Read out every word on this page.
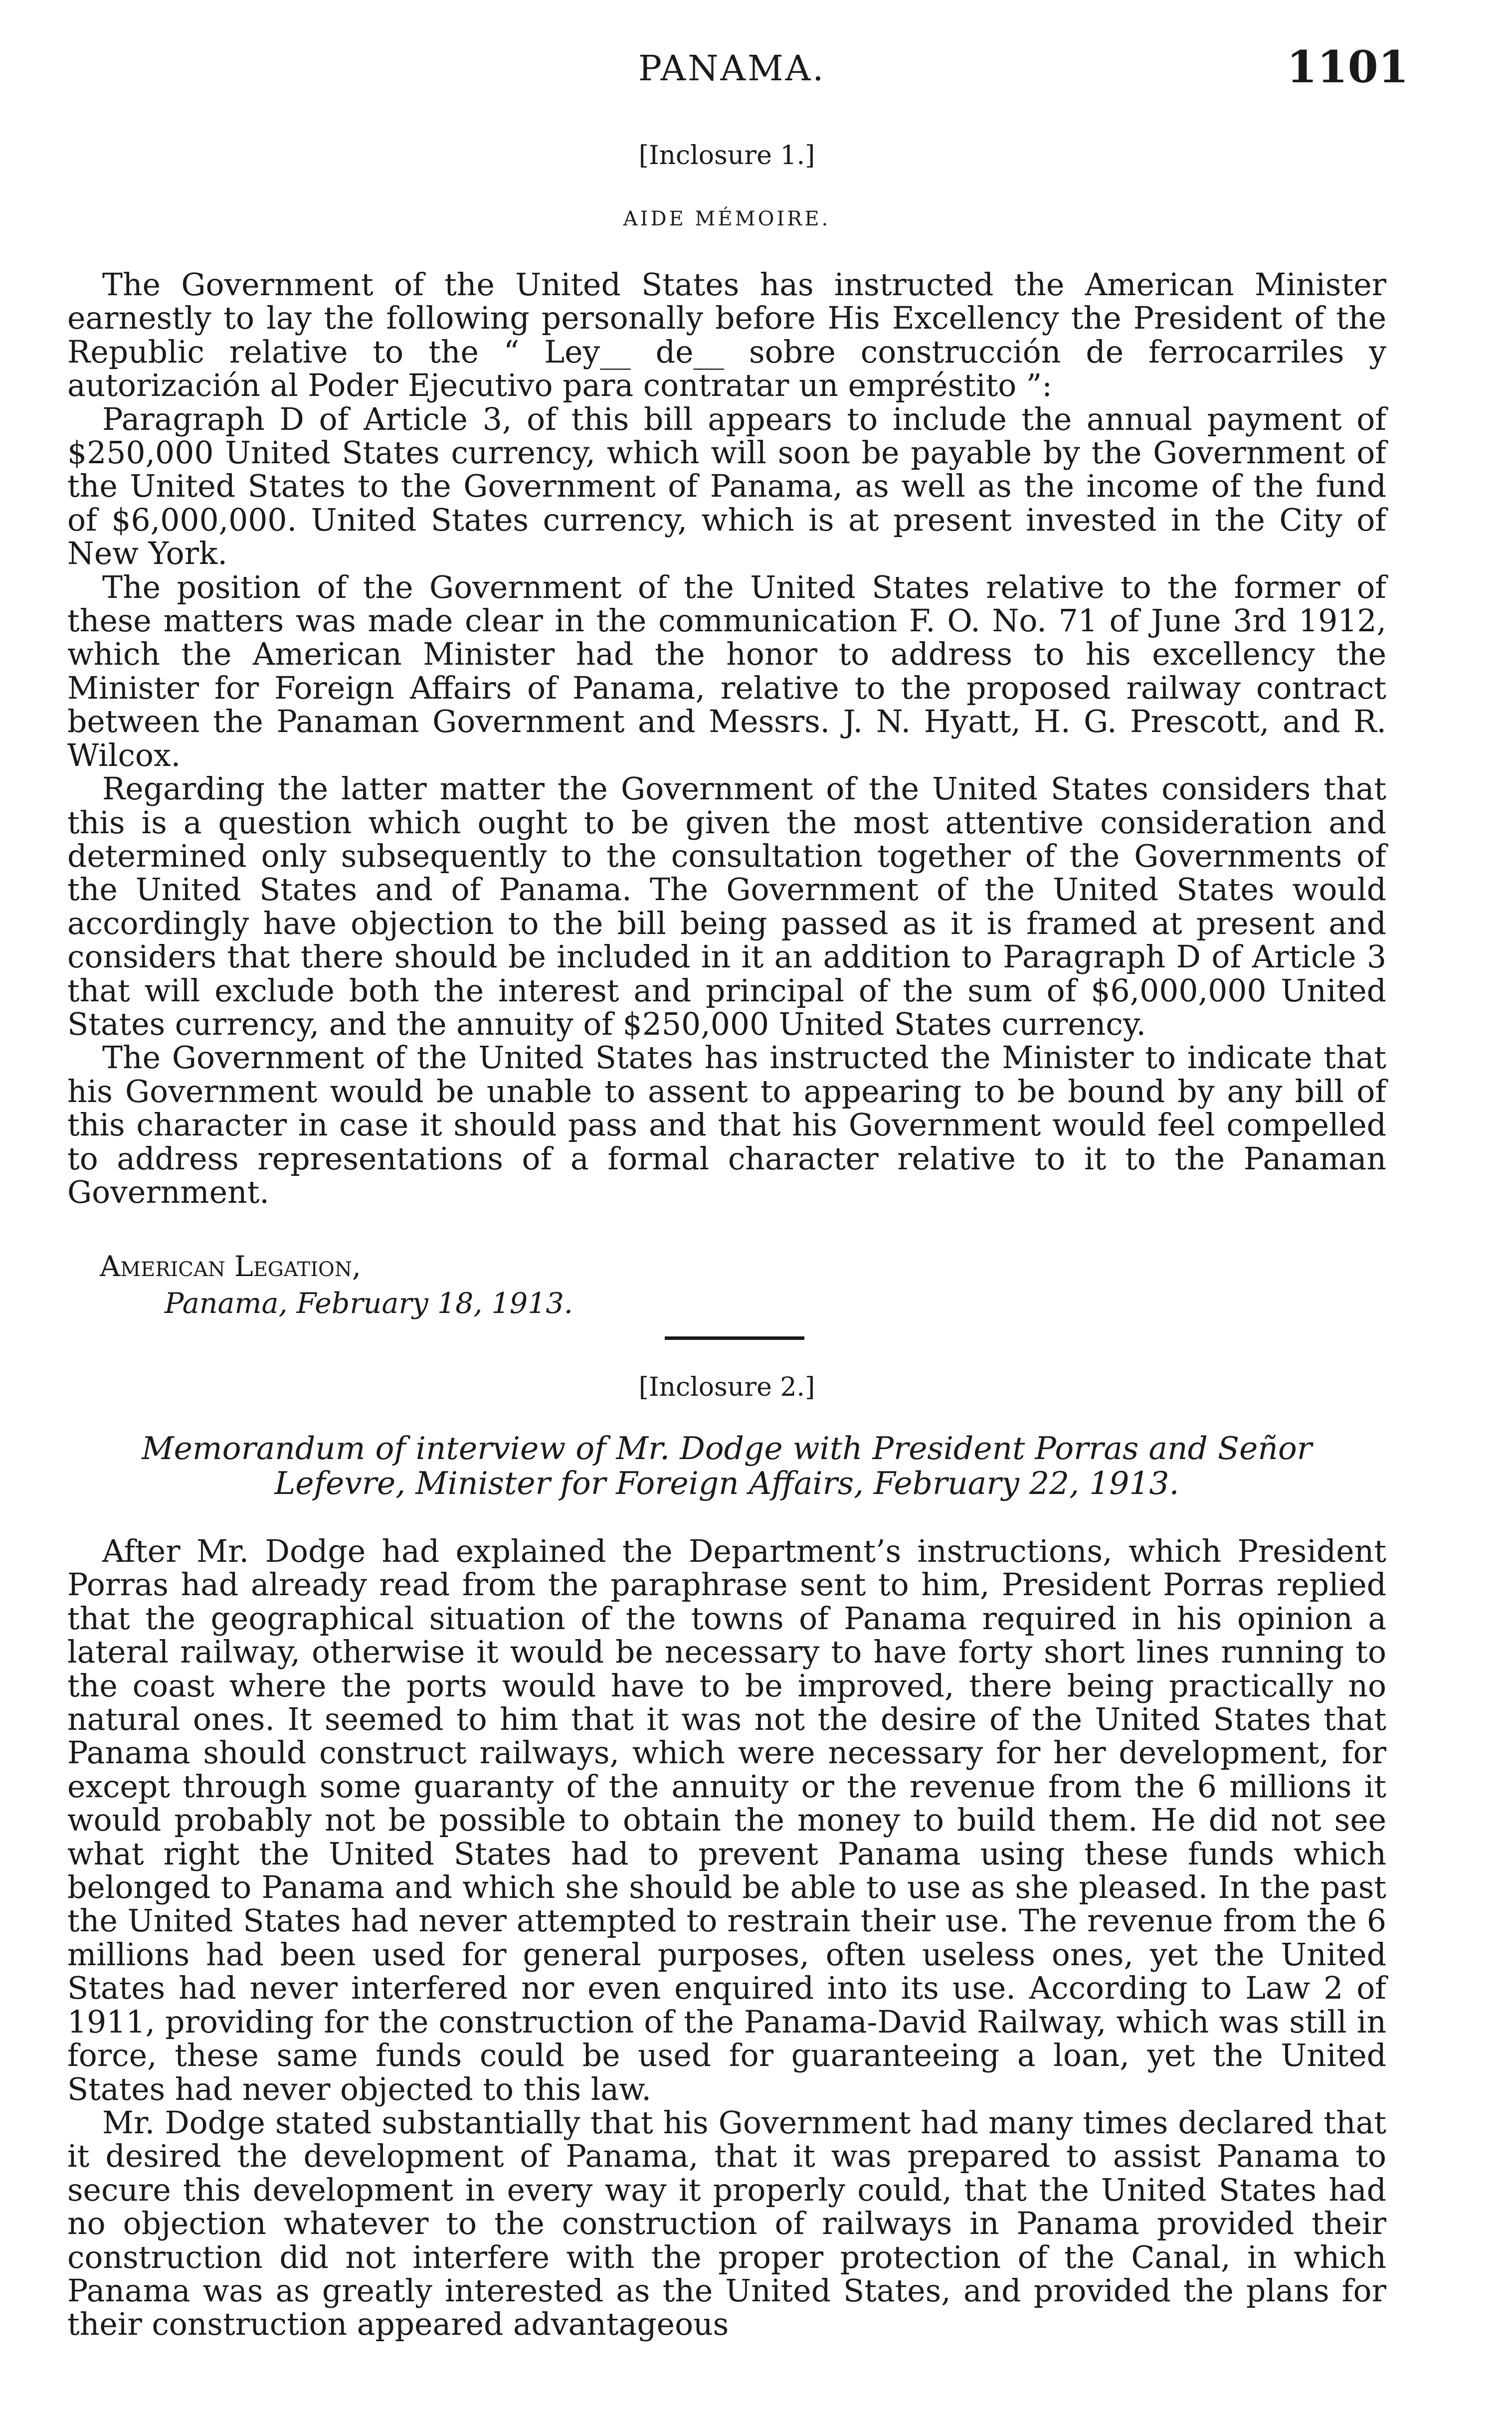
PANAMA.	1101
[Inclosure 1.]
AIDE MÉMOIRE.

The Government of the United States has instructed the American Minister earnestly to lay the following personally before His Excellency the President of the Republic relative to the “ Ley__ de__ sobre construcción de ferrocarriles y autorización al Poder Ejecutivo para contratar un empréstito ”:

Paragraph D of Article 3, of this bill appears to include the annual payment of $250,000 United States currency, which will soon be payable by the Government of the United States to the Government of Panama, as well as the income of the fund of $6,000,000. United States currency, which is at present invested in the City of New York.

The position of the Government of the United States relative to the former of these matters was made clear in the communication F. O. No. 71 of June 3rd 1912, which the American Minister had the honor to address to his excellency the Minister for Foreign Affairs of Panama, relative to the proposed railway contract between the Panaman Government and Messrs. J. N. Hyatt, H. G. Prescott, and R. Wilcox.

Regarding the latter matter the Government of the United States considers that this is a question which ought to be given the most attentive consideration and determined only subsequently to the consultation together of the Governments of the United States and of Panama. The Government of the United States would accordingly have objection to the bill being passed as it is framed at present and considers that there should be included in it an addition to Paragraph D of Article 3 that will exclude both the interest and principal of the sum of $6,000,000 United States currency, and the annuity of $250,000 United States currency.

The Government of the United States has instructed the Minister to indicate that his Government would be unable to assent to appearing to be bound by any bill of this character in case it should pass and that his Government would feel compelled to address representations of a formal character relative to it to the Panaman Government.

American Legation,
Panama, February 18, 1913.
[Inclosure 2.]
Memorandum of interview of Mr. Dodge with President Porras and Señor
Lefevre, Minister for Foreign Affairs, February 22, 1913.

After Mr. Dodge had explained the Department’s instructions, which President Porras had already read from the paraphrase sent to him, President Porras replied that the geographical situation of the towns of Panama required in his opinion a lateral railway, otherwise it would be necessary to have forty short lines running to the coast where the ports would have to be improved, there being practically no natural ones. It seemed to him that it was not the desire of the United States that Panama should construct railways, which were necessary for her development, for except through some guaranty of the annuity or the revenue from the 6 millions it would probably not be possible to obtain the money to build them. He did not see what right the United States had to prevent Panama using these funds which belonged to Panama and which she should be able to use as she pleased. In the past the United States had never attempted to restrain their use. The revenue from the 6 millions had been used for general purposes, often useless ones, yet the United States had never interfered nor even enquired into its use. According to Law 2 of 1911, providing for the construction of the Panama-David Railway, which was still in force, these same funds could be used for guaranteeing a loan, yet the United States had never objected to this law.

Mr. Dodge stated substantially that his Government had many times declared that it desired the development of Panama, that it was prepared to assist Panama to secure this development in every way it properly could, that the United States had no objection whatever to the construction of railways in Panama provided their construction did not interfere with the proper protection of the Canal, in which Panama was as greatly interested as the United States, and provided the plans for their construction appeared advantageous
